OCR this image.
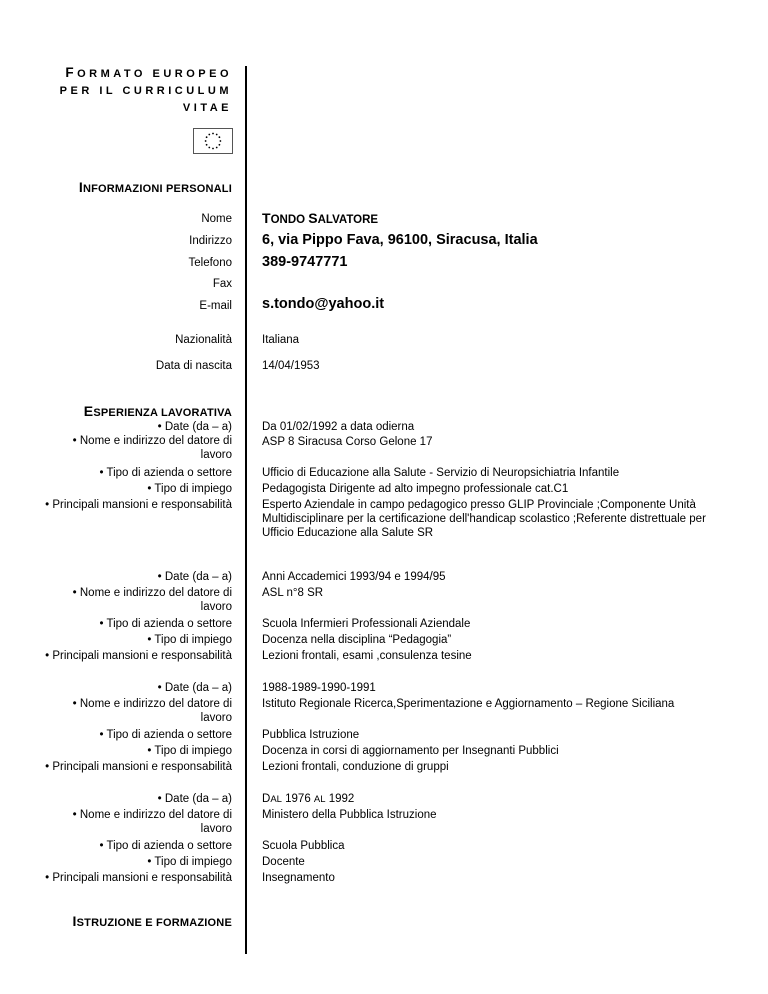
FORMATO EUROPEO
PER IL CURRICULUM
VITAE
INFORMAZIONI PERSONALI
Nome TONDO SALVATORE
Indirizzo 6, via Pippo Fava, 96100, Siracusa, Italia
Telefono 389-9747771
Fax
E-mail s.tondo@yahoo.it
Nazionalità	Italiana
Data di nascita	14/04/1953
ESPERIENZA LAVORATIVA
• Date (da – a)
• Nome e indirizzo del datore di lavoro
• Tipo di azienda o settore
• Tipo di impiego
• Principali mansioni e responsabilità
Da 01/02/1992 a data odierna
ASP 8 Siracusa Corso Gelone 17
Ufficio di Educazione alla Salute - Servizio di Neuropsichiatria Infantile
Pedagogista Dirigente ad alto impegno professionale cat.C1
Esperto Aziendale in campo pedagogico presso GLIP Provinciale ;Componente Unità Multidisciplinare per la certificazione dell'handicap scolastico ;Referente distrettuale per Ufficio Educazione alla Salute SR
• Date (da – a)
• Nome e indirizzo del datore di lavoro
• Tipo di azienda o settore
• Tipo di impiego
• Principali mansioni e responsabilità
Anni Accademici 1993/94 e 1994/95
ASL n°8 SR
Scuola Infermieri Professionali Aziendale
Docenza nella disciplina “Pedagogia”
Lezioni frontali, esami ,consulenza tesine
• Date (da – a)
• Nome e indirizzo del datore di lavoro
• Tipo di azienda o settore
• Tipo di impiego
• Principali mansioni e responsabilità
1988-1989-1990-1991
Istituto Regionale Ricerca,Sperimentazione e Aggiornamento – Regione Siciliana
Pubblica Istruzione
Docenza in corsi di aggiornamento per Insegnanti Pubblici
Lezioni frontali, conduzione di gruppi
• Date (da – a)
• Nome e indirizzo del datore di lavoro
• Tipo di azienda o settore
• Tipo di impiego
• Principali mansioni e responsabilità
DAL 1976 AL 1992
Ministero della Pubblica Istruzione
Scuola Pubblica
Docente
Insegnamento
ISTRUZIONE E FORMAZIONE
